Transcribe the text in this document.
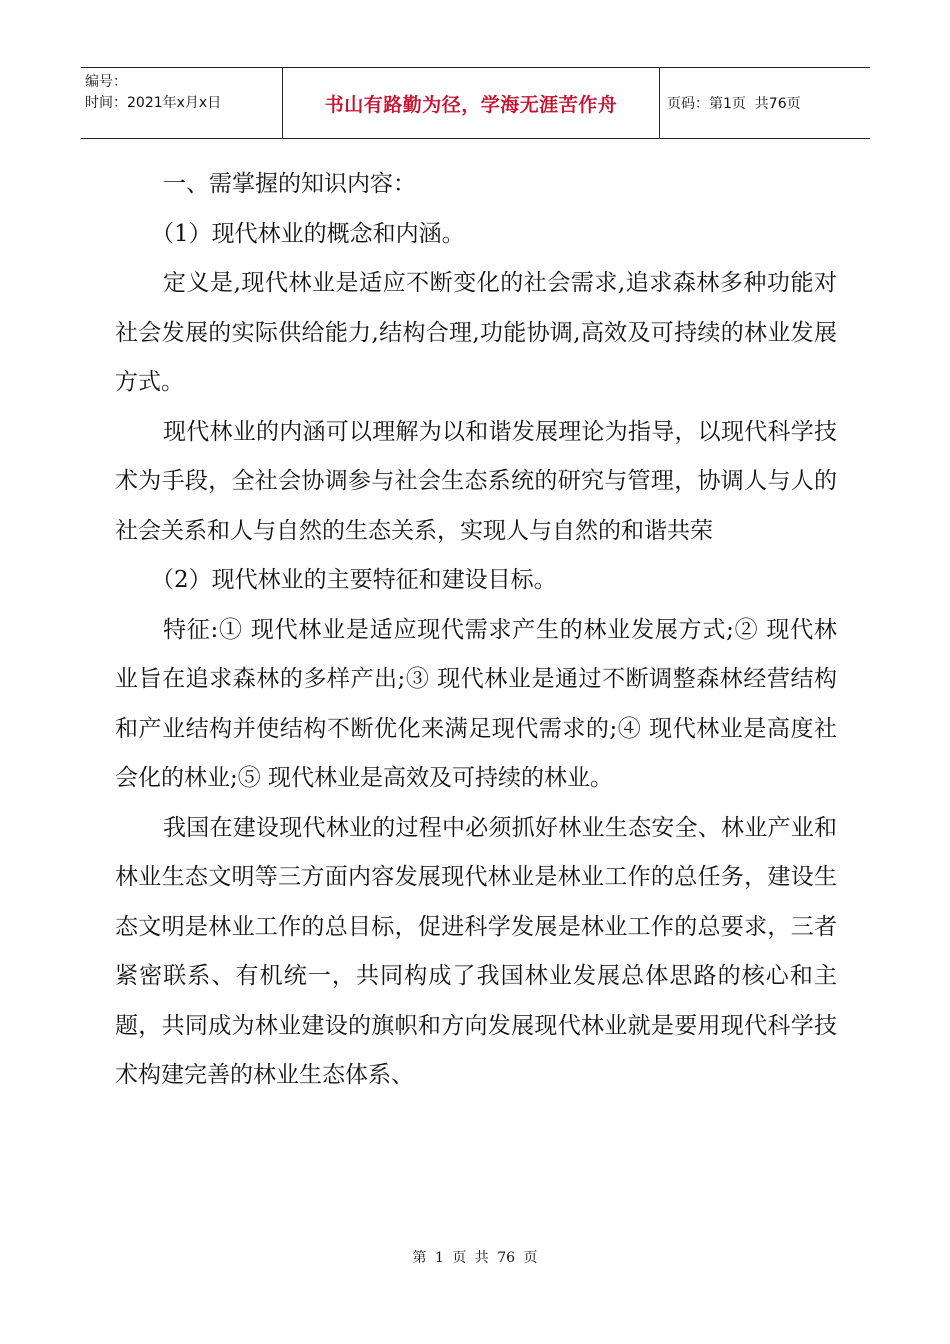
编号：
时间：2021年x月x日	书山有路勤为径，学海无涯苦作舟	页码：第1页  共76页

一、需掌握的知识内容：

（1）现代林业的概念和内涵。

定义是,现代林业是适应不断变化的社会需求,追求森林多种功能对社会发展的实际供给能力,结构合理,功能协调,高效及可持续的林业发展方式。

现代林业的内涵可以理解为以和谐发展理论为指导，以现代科学技术为手段，全社会协调参与社会生态系统的研究与管理，协调人与人的社会关系和人与自然的生态关系，实现人与自然的和谐共荣

（2）现代林业的主要特征和建设目标。

特征:① 现代林业是适应现代需求产生的林业发展方式;② 现代林业旨在追求森林的多样产出;③ 现代林业是通过不断调整森林经营结构和产业结构并使结构不断优化来满足现代需求的;④ 现代林业是高度社会化的林业;⑤ 现代林业是高效及可持续的林业。

我国在建设现代林业的过程中必须抓好林业生态安全、林业产业和林业生态文明等三方面内容发展现代林业是林业工作的总任务，建设生态文明是林业工作的总目标，促进科学发展是林业工作的总要求，三者紧密联系、有机统一，共同构成了我国林业发展总体思路的核心和主题，共同成为林业建设的旗帜和方向发展现代林业就是要用现代科学技术构建完善的林业生态体系、

第 1 页 共 76 页
